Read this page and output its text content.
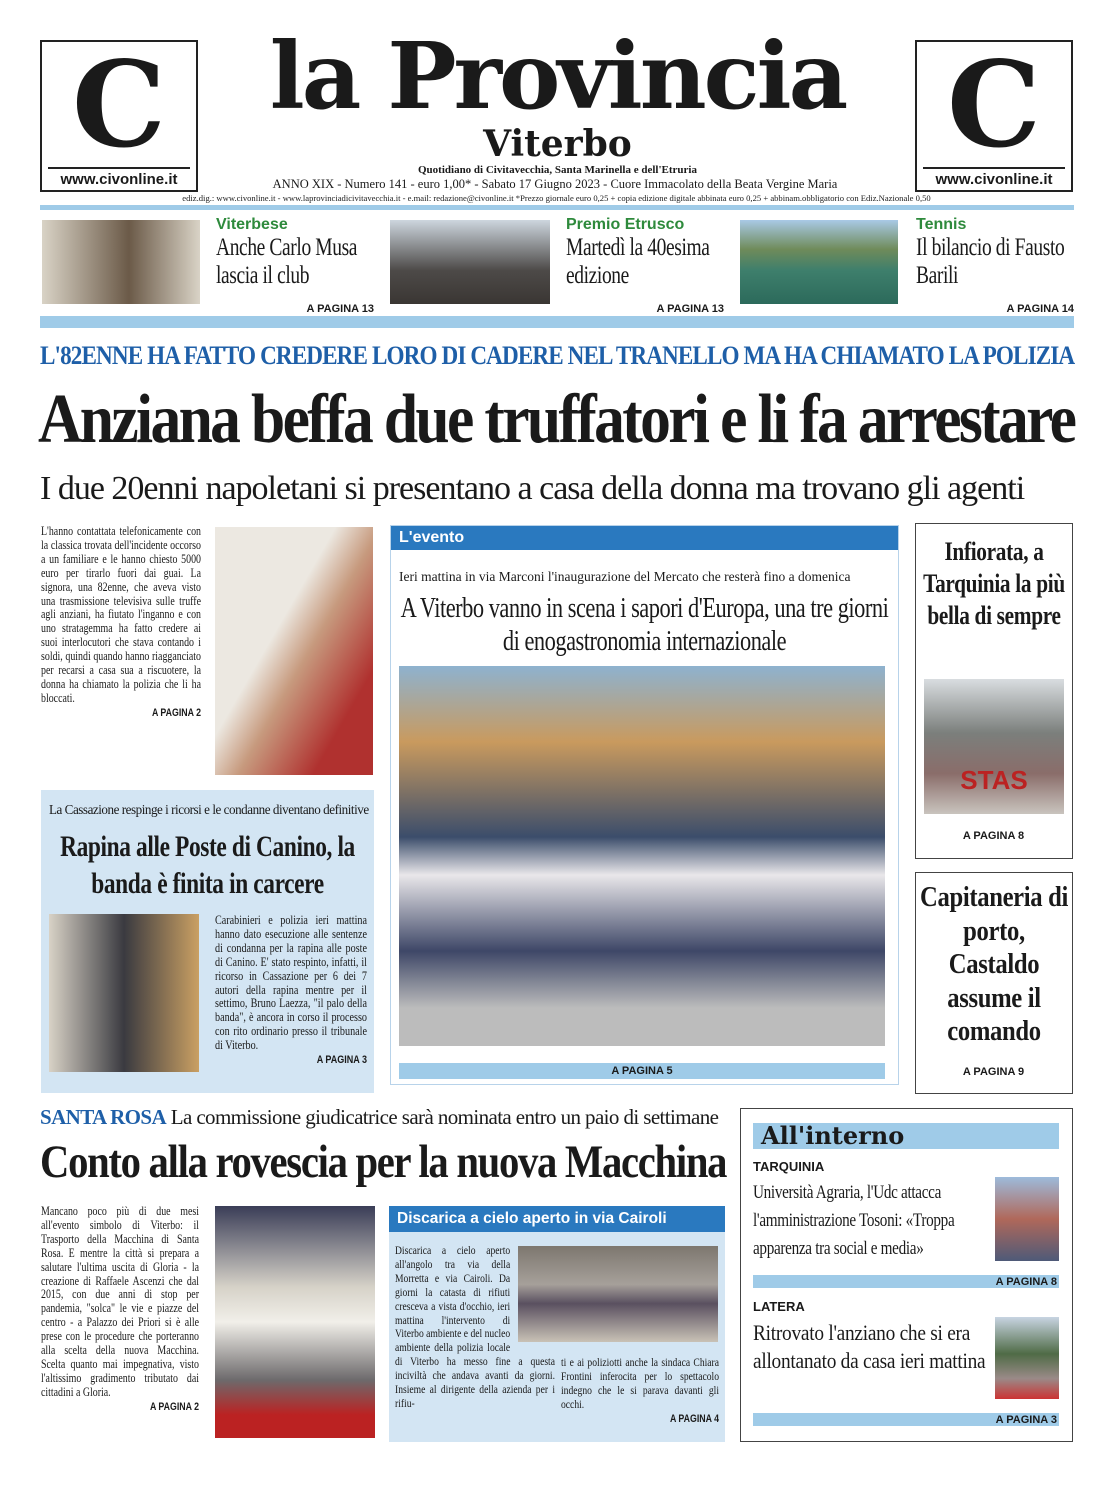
C
www.civonline.it
C
www.civonline.it
la Provincia
Viterbo
Quotidiano di Civitavecchia, Santa Marinella e dell'Etruria
ANNO XIX - Numero 141 - euro 1,00* - Sabato 17 Giugno 2023 - Cuore Immacolato della Beata Vergine Maria
ediz.dig.: www.civonline.it - www.laprovinciadicivitavecchia.it - e.mail: redazione@civonline.it *Prezzo giornale euro 0,25 + copia edizione digitale abbinata euro 0,25 + abbinam.obbligatorio con Ediz.Nazionale 0,50
Viterbese
Anche Carlo Musa lascia il club
A PAGINA 13
Premio Etrusco
Martedì la 40esima edizione
A PAGINA 13
Tennis
Il bilancio di Fausto Barili
A PAGINA 14
L'82ENNE HA FATTO CREDERE LORO DI CADERE NEL TRANELLO MA HA CHIAMATO LA POLIZIA
Anziana beffa due truffatori e li fa arrestare
I due 20enni napoletani si presentano a casa della donna ma trovano gli agenti
L'hanno contattata telefonicamente con la classica trovata dell'incidente occorso a un familiare e le hanno chiesto 5000 euro per tirarlo fuori dai guai. La signora, una 82enne, che aveva visto una trasmissione televisiva sulle truffe agli anziani, ha fiutato l'inganno e con uno stratagemma ha fatto credere ai suoi interlocutori che stava contando i soldi, quindi quando hanno riagganciato per recarsi a casa sua a riscuotere, la donna ha chiamato la polizia che li ha bloccati.
A PAGINA 2
La Cassazione respinge i ricorsi e le condanne diventano definitive
Rapina alle Poste di Canino, la banda è finita in carcere
Carabinieri e polizia ieri mattina hanno dato esecuzione alle sentenze di condanna per la rapina alle poste di Canino. E' stato respinto, infatti, il ricorso in Cassazione per 6 dei 7 autori della rapina mentre per il settimo, Bruno Laezza, "il palo della banda", è ancora in corso il processo con rito ordinario presso il tribunale di Viterbo.
A PAGINA 3
L'evento
Ieri mattina in via Marconi l'inaugurazione del Mercato che resterà fino a domenica
A Viterbo vanno in scena i sapori d'Europa, una tre giorni di enogastronomia internazionale
A PAGINA 5
Infiorata, a Tarquinia la più bella di sempre
STAS
A PAGINA 8
Capitaneria di porto, Castaldo assume il comando
A PAGINA 9
SANTA ROSA La commissione giudicatrice sarà nominata entro un paio di settimane
Conto alla rovescia per la nuova Macchina
Mancano poco più di due mesi all'evento simbolo di Viterbo: il Trasporto della Macchina di Santa Rosa. E mentre la città si prepara a salutare l'ultima uscita di Gloria - la creazione di Raffaele Ascenzi che dal 2015, con due anni di stop per pandemia, "solca" le vie e piazze del centro - a Palazzo dei Priori si è alle prese con le procedure che porteranno alla scelta della nuova Macchina. Scelta quanto mai impegnativa, visto l'altissimo gradimento tributato dai cittadini a Gloria.
A PAGINA 2
Discarica a cielo aperto in via Cairoli
Discarica a cielo aperto all'angolo tra via della Morretta e via Cairoli. Da giorni la catasta di rifiuti cresceva a vista d'occhio, ieri mattina l'intervento di Viterbo ambiente e del nucleo ambiente della polizia locale di Viterbo ha messo fine a questa inciviltà che andava avanti da giorni. Insieme al dirigente della azienda per i rifiu-
ti e ai poliziotti anche la sindaca Chiara Frontini inferocita per lo spettacolo indegno che le si parava davanti gli occhi.
A PAGINA 4
All'interno
TARQUINIA
Università Agraria, l'Udc attacca l'amministrazione Tosoni: «Troppa apparenza tra social e media»
A PAGINA 8
LATERA
Ritrovato l'anziano che si era allontanato da casa ieri mattina
A PAGINA 3
